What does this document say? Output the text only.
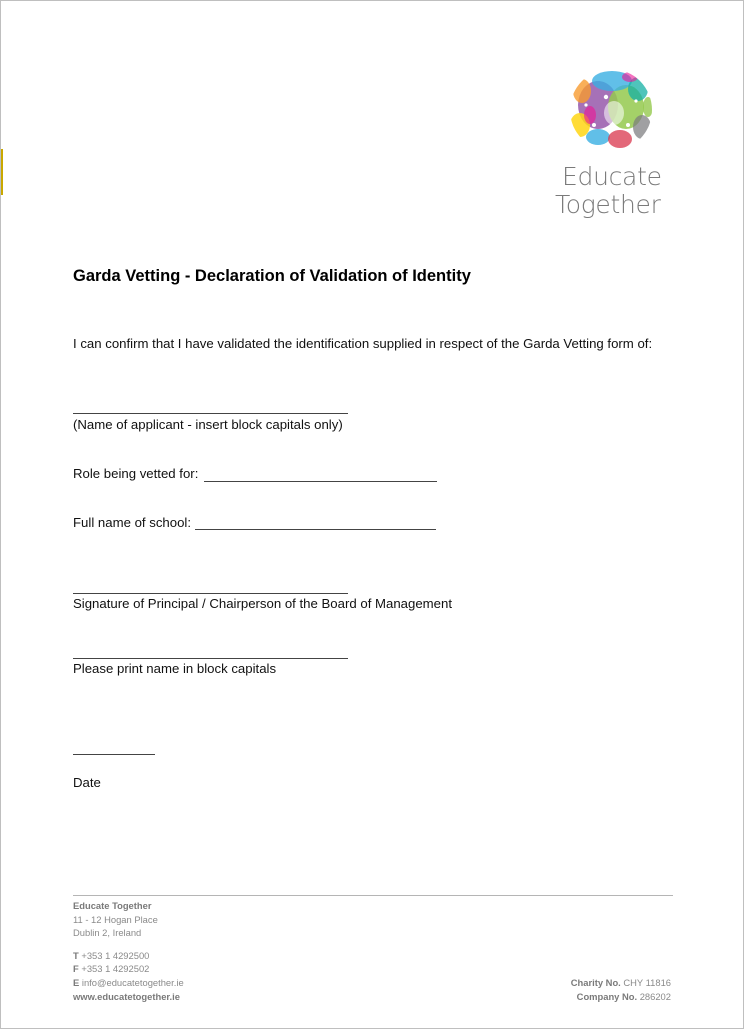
Educate
Together
Garda Vetting - Declaration of Validation of Identity
I can confirm that I have validated the identification supplied in respect of the Garda Vetting form of:
(Name of applicant - insert block capitals only)
Role being vetted for:
Full name of school:
Signature of Principal / Chairperson of the Board of Management
Please print name in block capitals
Date
Educate Together
11 - 12 Hogan Place
Dublin 2, Ireland
T +353 1 4292500
F +353 1 4292502
E info@educatetogether.ie
www.educatetogether.ie
Charity No. CHY 11816
Company No. 286202
